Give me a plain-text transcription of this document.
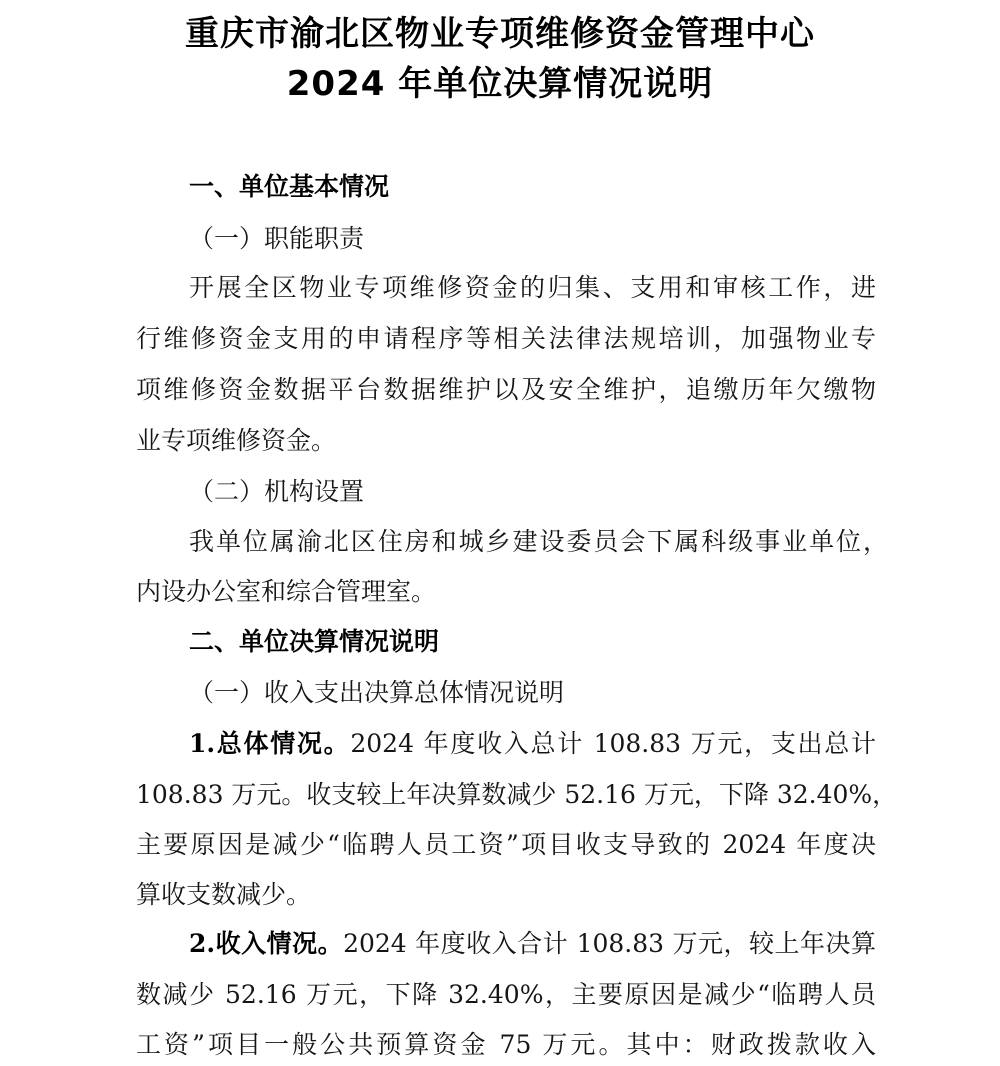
重庆市渝北区物业专项维修资金管理中心
2024 年单位决算情况说明
一、单位基本情况
（一）职能职责
开展全区物业专项维修资金的归集、支用和审核工作，进
行维修资金支用的申请程序等相关法律法规培训，加强物业专
项维修资金数据平台数据维护以及安全维护，追缴历年欠缴物
业专项维修资金。
（二）机构设置
我单位属渝北区住房和城乡建设委员会下属科级事业单位，
内设办公室和综合管理室。
二、单位决算情况说明
（一）收入支出决算总体情况说明
1.总体情况。2024 年度收入总计 108.83 万元，支出总计
108.83 万元。收支较上年决算数减少 52.16 万元，下降 32.40%，
主要原因是减少“临聘人员工资”项目收支导致的 2024 年度决
算收支数减少。
2.收入情况。2024 年度收入合计 108.83 万元，较上年决算
数减少 52.16 万元，下降 32.40%，主要原因是减少“临聘人员
工资”项目一般公共预算资金 75 万元。其中：财政拨款收入
